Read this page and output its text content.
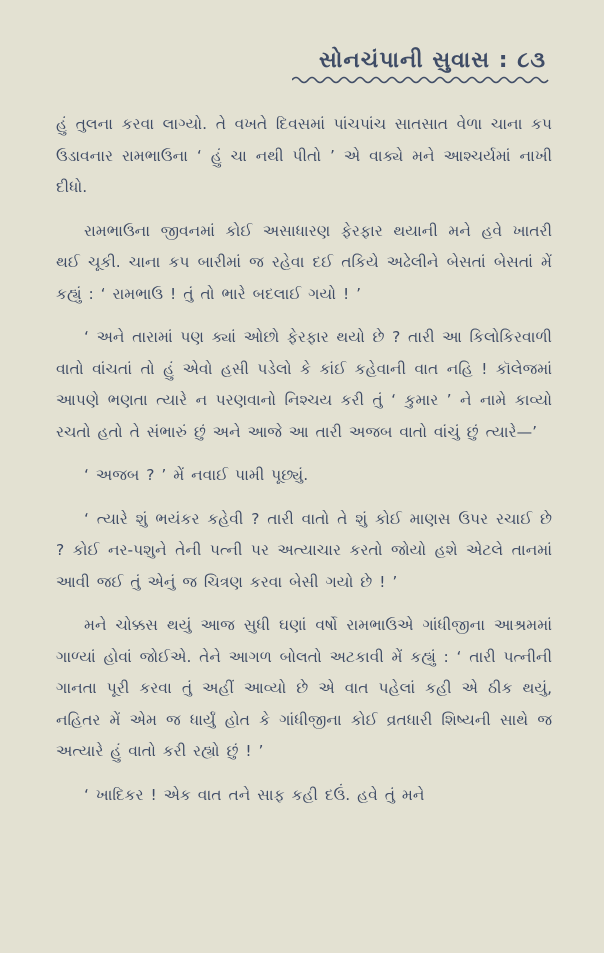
સોનચંપાની સુવાસ : ૮૩

હું તુલના કરવા લાગ્યો. તે વખતે દિવસમાં પાંચપાંચ સાતસાત વેળા ચાના કપ ઉડાવનાર રામભાઉના ‘ હું ચા નથી પીતો ’ એ વાક્યે મને આશ્ચર્યમાં નાખી દીધો.

રામભાઉના જીવનમાં કોઈ અસાધારણ ફેરફાર થયાની મને હવે ખાતરી થઈ ચૂકી. ચાના કપ બારીમાં જ રહેવા દઈ તકિયે અઢેલીને બેસતાં બેસતાં મેં કહ્યું : ‘ રામભાઉ ! તું તો ભારે બદલાઈ ગયો ! ’

‘ અને તારામાં પણ ક્યાં ઓછો ફેરફાર થયો છે ? તારી આ કિલોકિરવાળી વાતો વાંચતાં તો હું એવો હસી પડેલો કે કાંઈ કહેવાની વાત નહિ ! કૉલેજમાં આપણે ભણતા ત્યારે ન પરણવાનો નિશ્ચય કરી તું ‘ કુમાર ’ ને નામે કાવ્યો રચતો હતો તે સંભારું છું અને આજે આ તારી અજબ વાતો વાંચું છું ત્યારે—’

‘ અજબ ? ’ મેં નવાઈ પામી પૂછ્યું.

‘ ત્યારે શું ભયંકર કહેવી ? તારી વાતો તે શું કોઈ માણસ ઉપર રચાઈ છે ? કોઈ નર-પશુને તેની પત્ની પર અત્યાચાર કરતો જોયો હશે એટલે તાનમાં આવી જઈ તું એનું જ ચિત્રણ કરવા બેસી ગયો છે ! ’

મને ચોક્કસ થયું આજ સુધી ઘણાં વર્ષો રામભાઉએ ગાંધીજીના આશ્રમમાં ગાળ્યાં હોવાં જોઈએ. તેને આગળ બોલતો અટકાવી મેં કહ્યું : ‘ તારી પત્નીની ગાનતા પૂરી કરવા તું અહીં આવ્યો છે એ વાત પહેલાં કહી એ ઠીક થયું, નહિતર મેં એમ જ ધાર્યું હોત કે ગાંધીજીના કોઈ વ્રતધારી શિષ્યની સાથે જ અત્યારે હું વાતો કરી રહ્યો છું ! ’

‘ ખાદિકર ! એક વાત તને સાફ કહી દઉં. હવે તું મને
